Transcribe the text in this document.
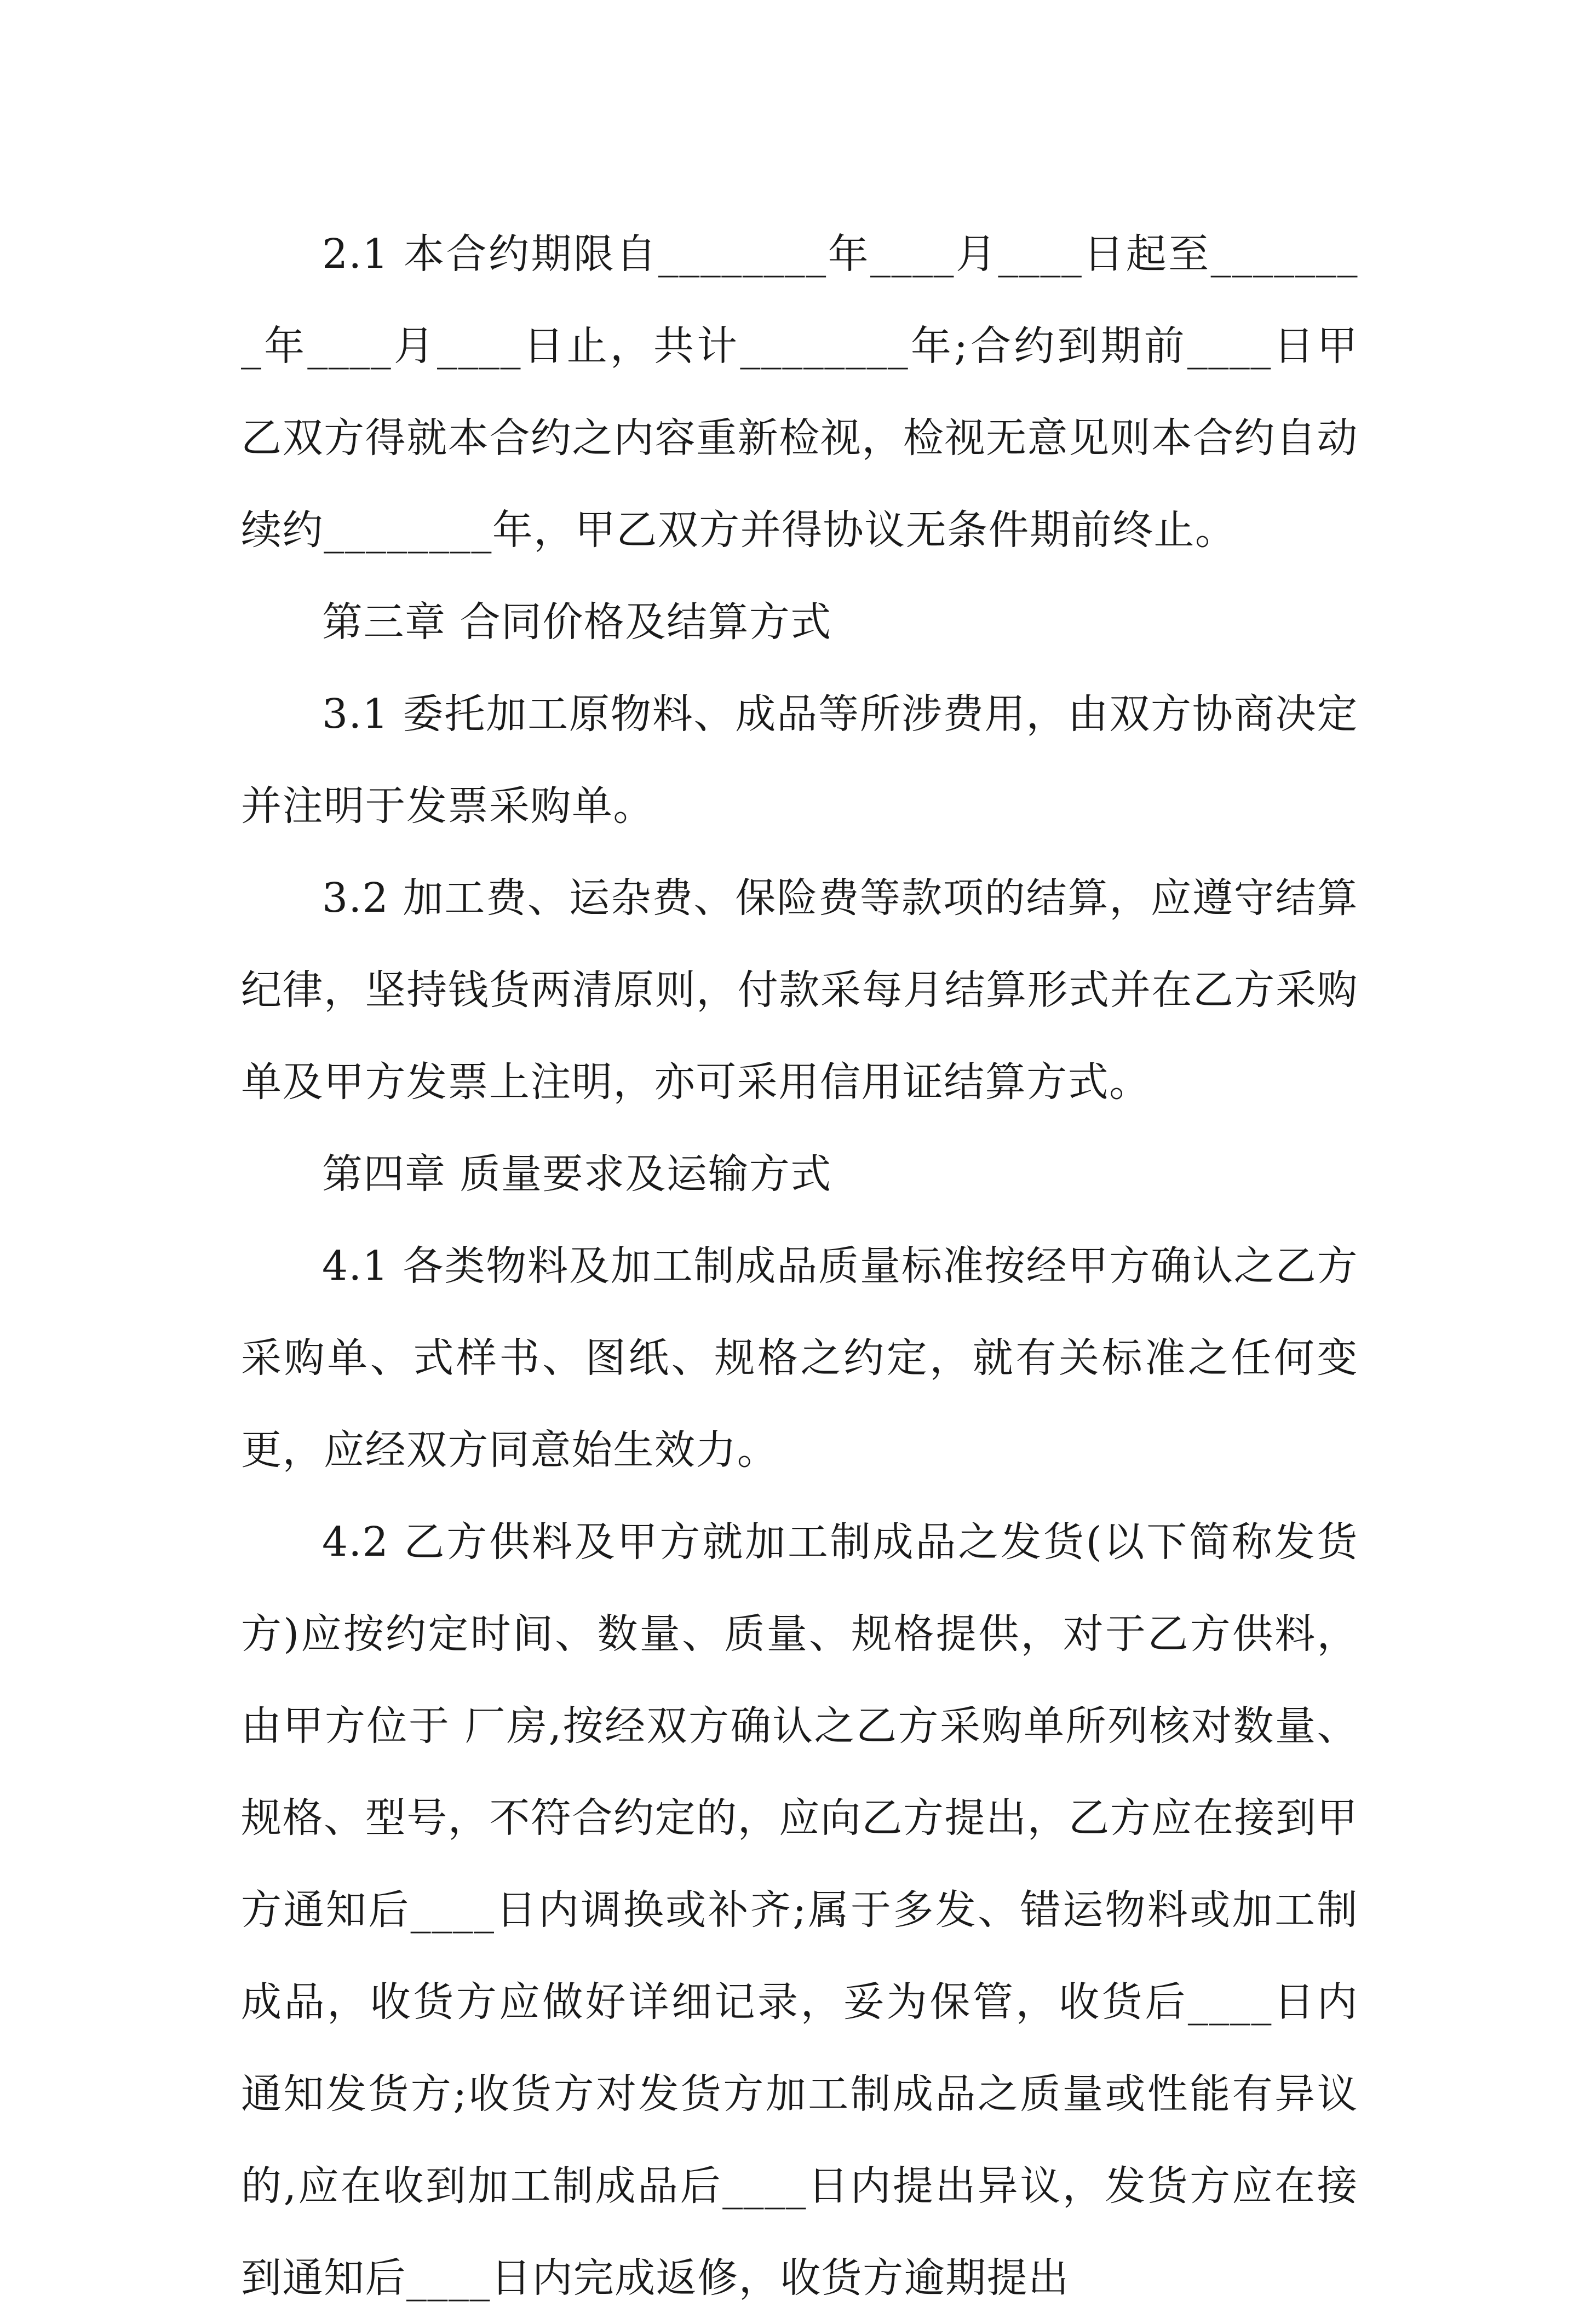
2.1 本合约期限自________年____月____日起至________年____月____日止，共计________年;合约到期前____日甲乙双方得就本合约之内容重新检视，检视无意见则本合约自动续约________年，甲乙双方并得协议无条件期前终止。

第三章 合同价格及结算方式

3.1 委托加工原物料、成品等所涉费用，由双方协商决定并注明于发票采购单。

3.2 加工费、运杂费、保险费等款项的结算，应遵守结算纪律，坚持钱货两清原则，付款采每月结算形式并在乙方采购单及甲方发票上注明，亦可采用信用证结算方式。

第四章 质量要求及运输方式

4.1 各类物料及加工制成品质量标准按经甲方确认之乙方采购单、式样书、图纸、规格之约定，就有关标准之任何变更，应经双方同意始生效力。

4.2 乙方供料及甲方就加工制成品之发货(以下简称发货方)应按约定时间、数量、质量、规格提供，对于乙方供料，由甲方位于 厂房,按经双方确认之乙方采购单所列核对数量、规格、型号，不符合约定的，应向乙方提出，乙方应在接到甲方通知后____日内调换或补齐;属于多发、错运物料或加工制成品，收货方应做好详细记录，妥为保管，收货后____日内通知发货方;收货方对发货方加工制成品之质量或性能有异议的,应在收到加工制成品后____日内提出异议，发货方应在接到通知后____日内完成返修，收货方逾期提出
